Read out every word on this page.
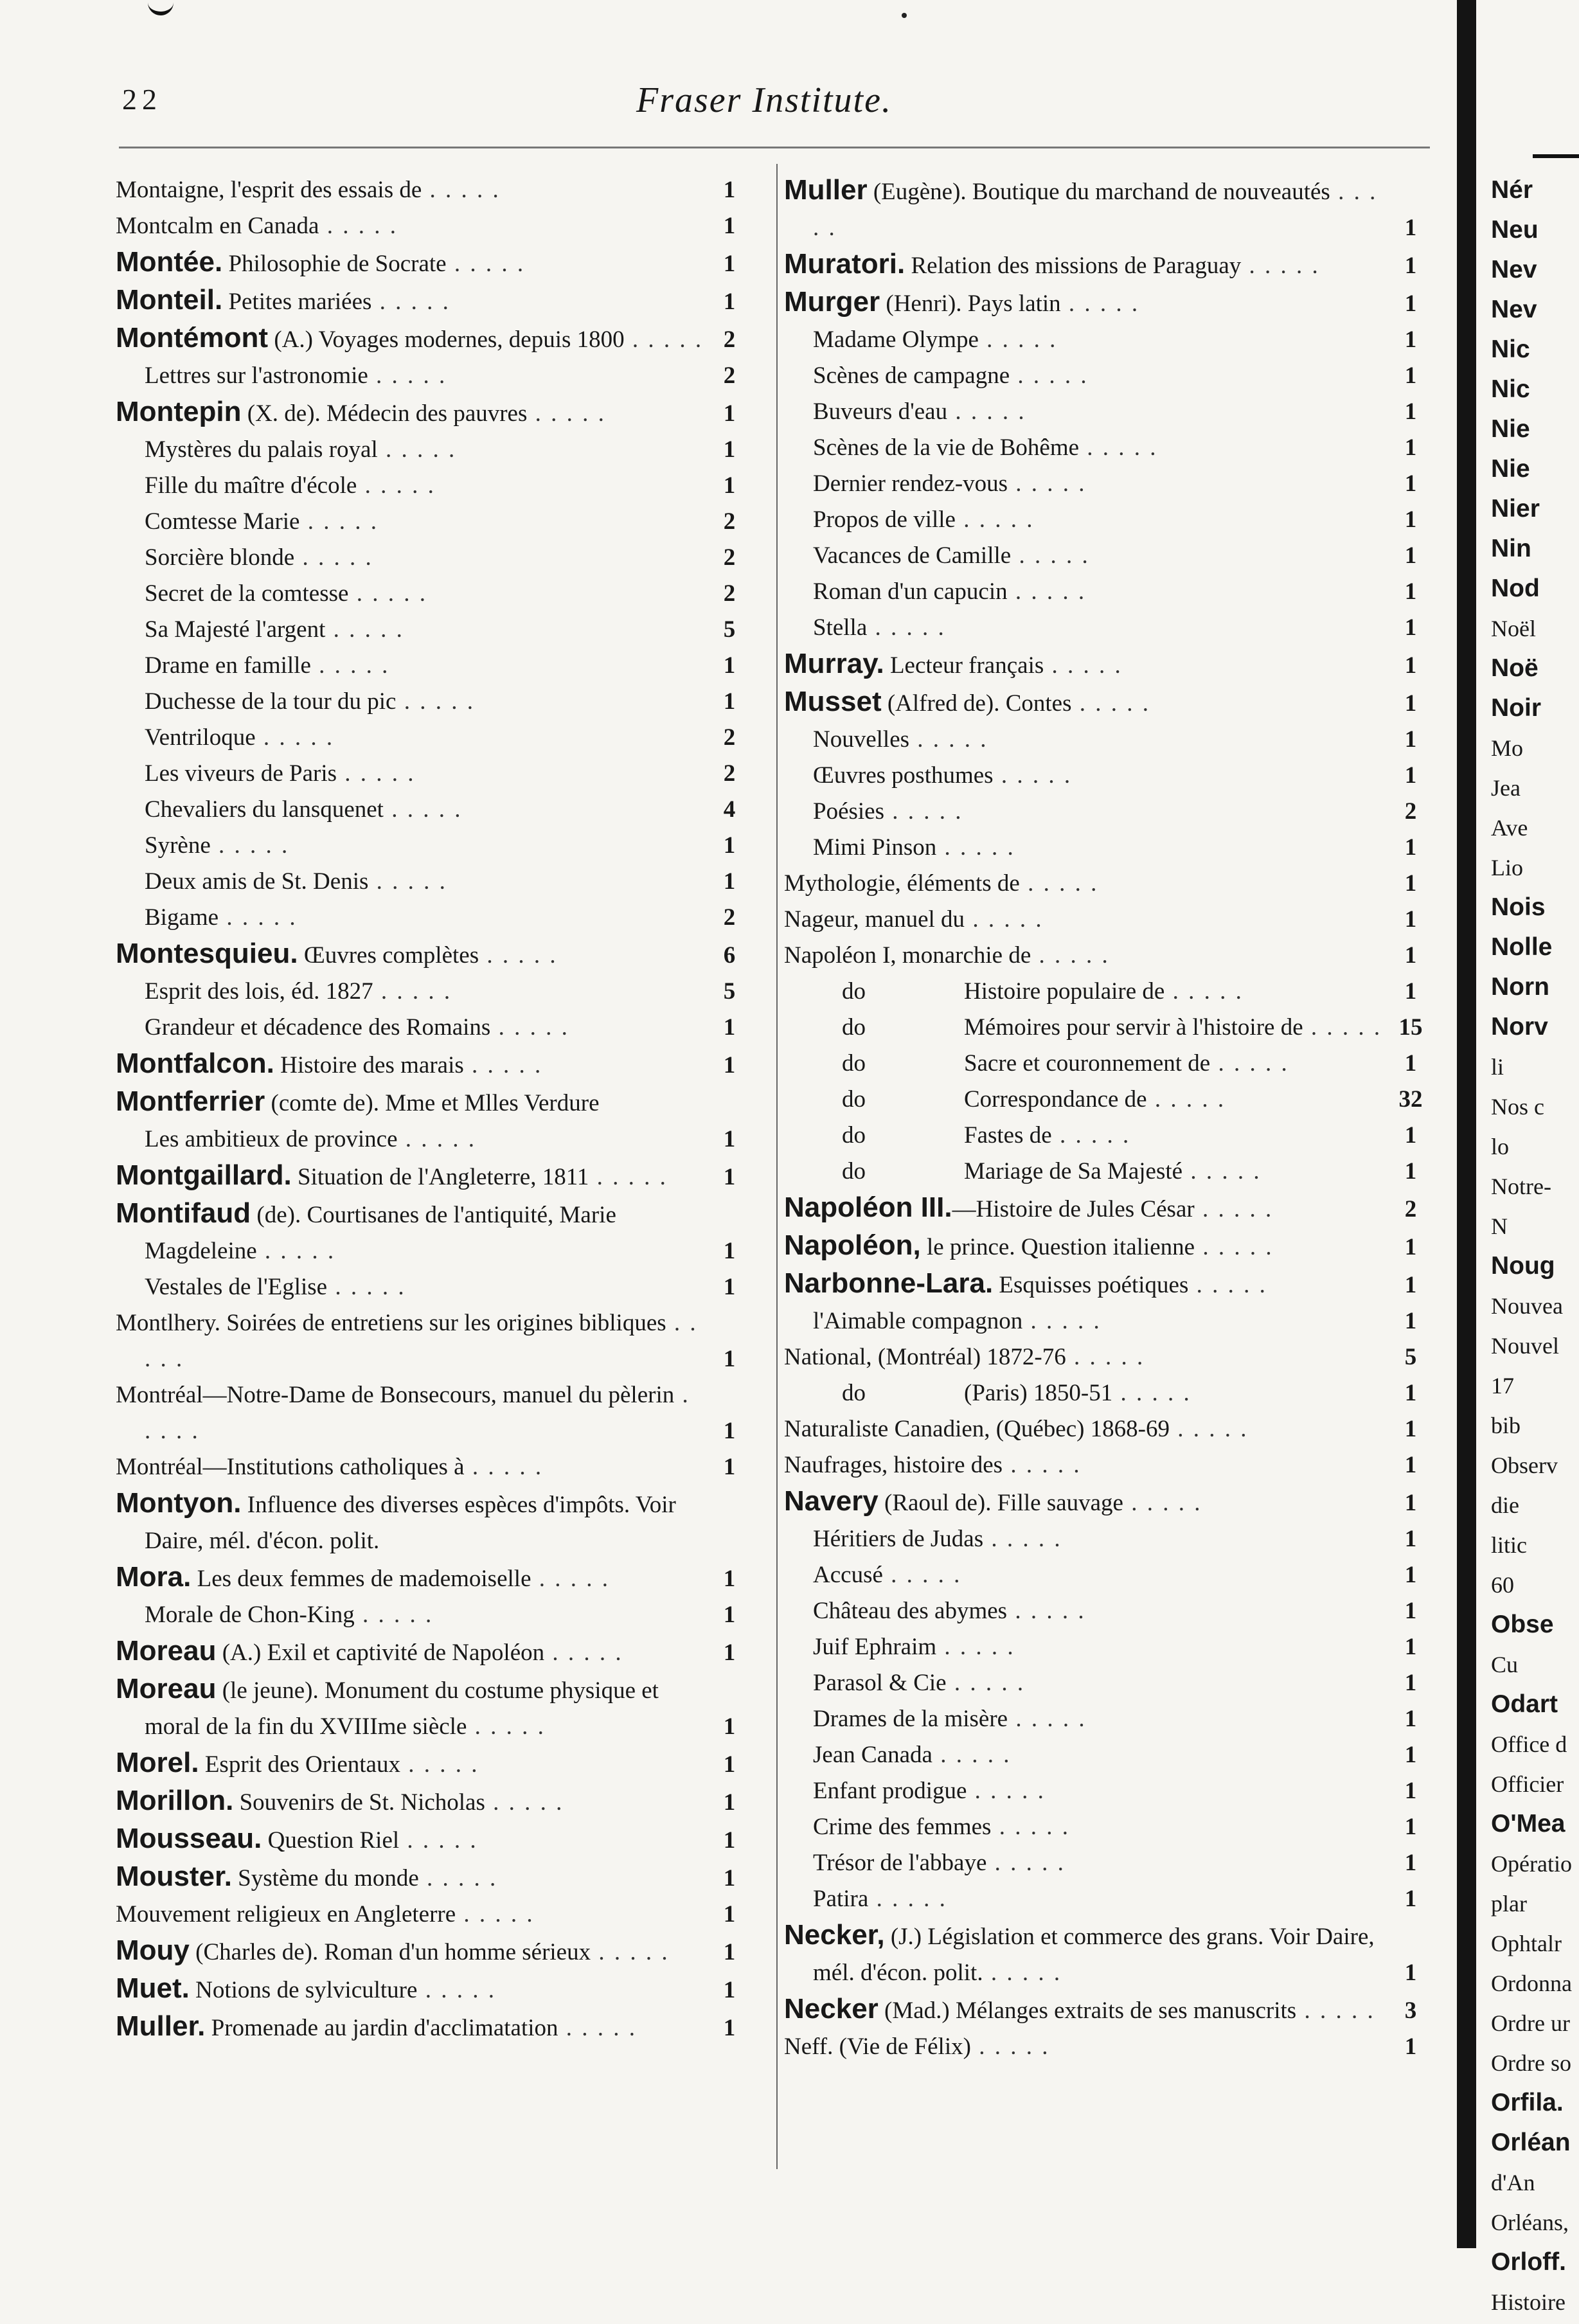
22	Fraser Institute.
Montaigne, l'esprit des essais de . . . . .	1
Montcalm en Canada . . . . .	1
Montée. Philosophie de Socrate . . . . .	1
Monteil. Petites mariées . . . . .	1
Montémont (A.) Voyages modernes, depuis 1800 . . . . . 2
Lettres sur l'astronomie . . . . .	2
Montepin (X. de). Médecin des pauvres . . . . .	1
Mystères du palais royal . . . . .	1
Fille du maître d'école . . . . .	1
Comtesse Marie . . . . .	2
Sorcière blonde . . . . .	2
Secret de la comtesse . . . . .	2
Sa Majesté l'argent . . . . .	5
Drame en famille . . . . .	1
Duchesse de la tour du pic . . . . .	1
Ventriloque . . . . .	2
Les viveurs de Paris . . . . .	2
Chevaliers du lansquenet . . . . .	4
Syrène . . . . .	1
Deux amis de St. Denis . . . . .	1
Bigame . . . . .	2
Montesquieu. Œuvres complètes . . . . .	6
Esprit des lois, éd. 1827 . . . . .	5
Grandeur et décadence des Romains . . . . .	1
Montfalcon. Histoire des marais . . . . .	1
Montferrier (comte de). Mme et Mlles Verdure
Les ambitieux de province . . . . .	1
Montgaillard. Situation de l'Angleterre, 1811 . . . . .	1
Montifaud (de). Courtisanes de l'antiquité, Marie Magdeleine . . . . .	1
Vestales de l'Eglise . . . . .	1
Montlhery. Soirées de entretiens sur les origines bibliques . . . . .	1
Montréal—Notre-Dame de Bonsecours, manuel du pèlerin . . . . .	1
Montréal—Institutions catholiques à . . . . .	1
Montyon. Influence des diverses espèces d'impôts. Voir Daire, mél. d'écon. polit.
Mora. Les deux femmes de mademoiselle . . . . .	1
Morale de Chon-King . . . . .	1
Moreau (A.) Exil et captivité de Napoléon . . . . .	1
Moreau (le jeune). Monument du costume physique et moral de la fin du XVIIIme siècle . . . . .	1
Morel. Esprit des Orientaux . . . . .	1
Morillon. Souvenirs de St. Nicholas . . . . .	1
Mousseau. Question Riel . . . . .	1
Mouster. Système du monde . . . . .	1
Mouvement religieux en Angleterre . . . . .	1
Mouy (Charles de). Roman d'un homme sérieux . . . . .	1
Muet. Notions de sylviculture . . . . .	1
Muller. Promenade au jardin d'acclimatation . . . . .	1
Muller (Eugène). Boutique du marchand de nouveautés . . . . .	1
Muratori. Relation des missions de Paraguay . . . . .	1
Murger (Henri). Pays latin . . . . .	1
Madame Olympe . . . . .	1
Scènes de campagne . . . . .	1
Buveurs d'eau . . . . .	1
Scènes de la vie de Bohême . . . . .	1
Dernier rendez-vous . . . . .	1
Propos de ville . . . . .	1
Vacances de Camille . . . . .	1
Roman d'un capucin . . . . .	1
Stella . . . . .	1
Murray. Lecteur français . . . . .	1
Musset (Alfred de). Contes . . . . .	1
Nouvelles . . . . .	1
Œuvres posthumes . . . . .	1
Poésies . . . . .	2
Mimi Pinson . . . . .	1
Mythologie, éléments de . . . . .	1
Nageur, manuel du . . . . .	1
Napoléon I, monarchie de . . . . .	1
do	Histoire populaire de . . . . .	1
do	Mémoires pour servir à l'histoire de . . . . . 15
do	Sacre et couronnement de . . . . .	1
do	Correspondance de . . . . .	32
do	Fastes de . . . . .	1
do	Mariage de Sa Majesté . . . . .	1
Napoléon III.—Histoire de Jules César . . . . .	2
Napoléon, le prince. Question italienne . . . . .	1
Narbonne-Lara. Esquisses poétiques . . . . .	1
l'Aimable compagnon . . . . .	1
National, (Montréal) 1872-76 . . . . .	5
do	(Paris) 1850-51 . . . . .	1
Naturaliste Canadien, (Québec) 1868-69 . . . . .	1
Naufrages, histoire des . . . . .	1
Navery (Raoul de). Fille sauvage . . . . .	1
Héritiers de Judas . . . . .	1
Accusé . . . . .	1
Château des abymes . . . . .	1
Juif Ephraim . . . . .	1
Parasol & Cie . . . . .	1
Drames de la misère . . . . .	1
Jean Canada . . . . .	1
Enfant prodigue . . . . .	1
Crime des femmes . . . . .	1
Trésor de l'abbaye . . . . .	1
Patira . . . . .	1
Necker, (J.) Législation et commerce des grans. Voir Daire, mél. d'écon. polit. . . . . .	1
Necker (Mad.) Mélanges extraits de ses manuscrits . . . . .	3
Neff. (Vie de Félix) . . . . .	1
Nér
Neu
Nev
Nev
Nic
Nic
Nie
Nie
Nier
Nin
Nod
Noël
Noë
Noir
Mo
Jea
Ave
Lio
Nois
Nolle
Norn
Norv
li
Nos c
lo
Notre-
N
Noug
Nouvea
Nouvel
17
bib
Observ
die
litic
60
Obse
Cu
Odart
Office d
Officier
O'Mea
Opératio
plar
Ophtalr
Ordonna
Ordre ur
Ordre so
Orfila.
Orléan
d'An
Orléans,
Orloff.
Histoire
